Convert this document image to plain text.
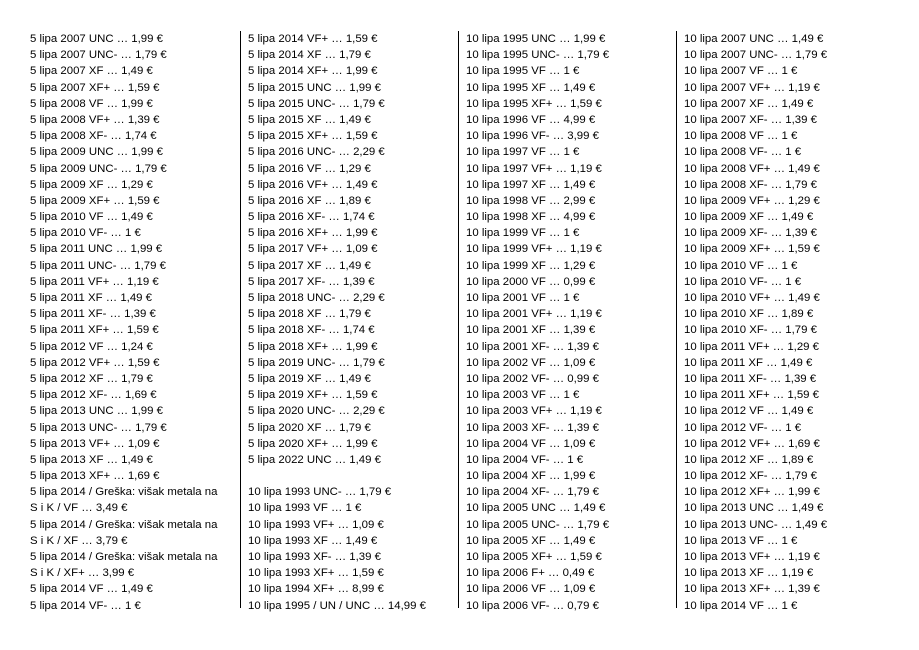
5 lipa 2007 UNC … 1,99 €
5 lipa 2007 UNC- … 1,79 €
5 lipa 2007 XF … 1,49 €
5 lipa 2007 XF+ … 1,59 €
5 lipa 2008 VF … 1,99 €
5 lipa 2008 VF+ … 1,39 €
5 lipa 2008 XF- … 1,74 €
5 lipa 2009 UNC … 1,99 €
5 lipa 2009 UNC- … 1,79 €
5 lipa 2009 XF … 1,29 €
5 lipa 2009 XF+ … 1,59 €
5 lipa 2010 VF … 1,49 €
5 lipa 2010 VF- … 1 €
5 lipa 2011 UNC … 1,99 €
5 lipa 2011 UNC- … 1,79 €
5 lipa 2011 VF+ … 1,19 €
5 lipa 2011 XF … 1,49 €
5 lipa 2011 XF- … 1,39 €
5 lipa 2011 XF+ … 1,59 €
5 lipa 2012 VF … 1,24 €
5 lipa 2012 VF+ … 1,59 €
5 lipa 2012 XF … 1,79 €
5 lipa 2012 XF- … 1,69 €
5 lipa 2013 UNC … 1,99 €
5 lipa 2013 UNC- … 1,79 €
5 lipa 2013 VF+ … 1,09 €
5 lipa 2013 XF … 1,49 €
5 lipa 2013 XF+ … 1,69 €
5 lipa 2014 / Greška: višak metala na
S i K / VF … 3,49 €
5 lipa 2014 / Greška: višak metala na
S i K / XF … 3,79 €
5 lipa 2014 / Greška: višak metala na
S i K / XF+ … 3,99 €
5 lipa 2014 VF … 1,49 €
5 lipa 2014 VF- … 1 €
5 lipa 2014 VF+ … 1,59 €
5 lipa 2014 XF … 1,79 €
5 lipa 2014 XF+ … 1,99 €
5 lipa 2015 UNC … 1,99 €
5 lipa 2015 UNC- … 1,79 €
5 lipa 2015 XF … 1,49 €
5 lipa 2015 XF+ … 1,59 €
5 lipa 2016 UNC- … 2,29 €
5 lipa 2016 VF … 1,29 €
5 lipa 2016 VF+ … 1,49 €
5 lipa 2016 XF … 1,89 €
5 lipa 2016 XF- … 1,74 €
5 lipa 2016 XF+ … 1,99 €
5 lipa 2017 VF+ … 1,09 €
5 lipa 2017 XF … 1,49 €
5 lipa 2017 XF- … 1,39 €
5 lipa 2018 UNC- … 2,29 €
5 lipa 2018 XF … 1,79 €
5 lipa 2018 XF- … 1,74 €
5 lipa 2018 XF+ … 1,99 €
5 lipa 2019 UNC- … 1,79 €
5 lipa 2019 XF … 1,49 €
5 lipa 2019 XF+ … 1,59 €
5 lipa 2020 UNC- … 2,29 €
5 lipa 2020 XF … 1,79 €
5 lipa 2020 XF+ … 1,99 €
5 lipa 2022 UNC … 1,49 €
10 lipa 1993 UNC- … 1,79 €
10 lipa 1993 VF … 1 €
10 lipa 1993 VF+ … 1,09 €
10 lipa 1993 XF … 1,49 €
10 lipa 1993 XF- … 1,39 €
10 lipa 1993 XF+ … 1,59 €
10 lipa 1994 XF+ … 8,99 €
10 lipa 1995 / UN / UNC … 14,99 €
10 lipa 1995 UNC … 1,99 €
10 lipa 1995 UNC- … 1,79 €
10 lipa 1995 VF … 1 €
10 lipa 1995 XF … 1,49 €
10 lipa 1995 XF+ … 1,59 €
10 lipa 1996 VF … 4,99 €
10 lipa 1996 VF- … 3,99 €
10 lipa 1997 VF … 1 €
10 lipa 1997 VF+ … 1,19 €
10 lipa 1997 XF … 1,49 €
10 lipa 1998 VF … 2,99 €
10 lipa 1998 XF … 4,99 €
10 lipa 1999 VF … 1 €
10 lipa 1999 VF+ … 1,19 €
10 lipa 1999 XF … 1,29 €
10 lipa 2000 VF … 0,99 €
10 lipa 2001 VF … 1 €
10 lipa 2001 VF+ … 1,19 €
10 lipa 2001 XF … 1,39 €
10 lipa 2001 XF- … 1,39 €
10 lipa 2002 VF … 1,09 €
10 lipa 2002 VF- … 0,99 €
10 lipa 2003 VF … 1 €
10 lipa 2003 VF+ … 1,19 €
10 lipa 2003 XF- … 1,39 €
10 lipa 2004 VF … 1,09 €
10 lipa 2004 VF- … 1 €
10 lipa 2004 XF … 1,99 €
10 lipa 2004 XF- … 1,79 €
10 lipa 2005 UNC … 1,49 €
10 lipa 2005 UNC- … 1,79 €
10 lipa 2005 XF … 1,49 €
10 lipa 2005 XF+ … 1,59 €
10 lipa 2006 F+ … 0,49 €
10 lipa 2006 VF … 1,09 €
10 lipa 2006 VF- … 0,79 €
10 lipa 2007 UNC … 1,49 €
10 lipa 2007 UNC- … 1,79 €
10 lipa 2007 VF … 1 €
10 lipa 2007 VF+ … 1,19 €
10 lipa 2007 XF … 1,49 €
10 lipa 2007 XF- … 1,39 €
10 lipa 2008 VF … 1 €
10 lipa 2008 VF- … 1 €
10 lipa 2008 VF+ … 1,49 €
10 lipa 2008 XF- … 1,79 €
10 lipa 2009 VF+ … 1,29 €
10 lipa 2009 XF … 1,49 €
10 lipa 2009 XF- … 1,39 €
10 lipa 2009 XF+ … 1,59 €
10 lipa 2010 VF … 1 €
10 lipa 2010 VF- … 1 €
10 lipa 2010 VF+ … 1,49 €
10 lipa 2010 XF … 1,89 €
10 lipa 2010 XF- … 1,79 €
10 lipa 2011 VF+ … 1,29 €
10 lipa 2011 XF … 1,49 €
10 lipa 2011 XF- … 1,39 €
10 lipa 2011 XF+ … 1,59 €
10 lipa 2012 VF … 1,49 €
10 lipa 2012 VF- … 1 €
10 lipa 2012 VF+ … 1,69 €
10 lipa 2012 XF … 1,89 €
10 lipa 2012 XF- … 1,79 €
10 lipa 2012 XF+ … 1,99 €
10 lipa 2013 UNC … 1,49 €
10 lipa 2013 UNC- … 1,49 €
10 lipa 2013 VF … 1 €
10 lipa 2013 VF+ … 1,19 €
10 lipa 2013 XF … 1,19 €
10 lipa 2013 XF+ … 1,39 €
10 lipa 2014 VF … 1 €
